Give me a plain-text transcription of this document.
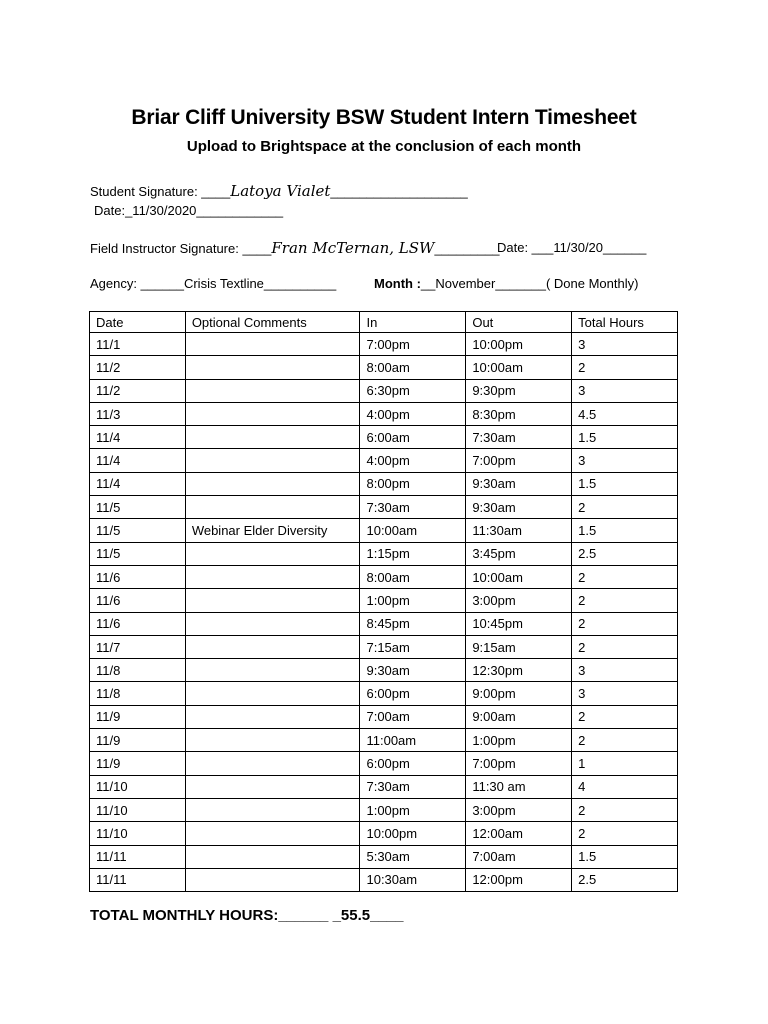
Briar Cliff University BSW Student Intern Timesheet
Upload to Brightspace at the conclusion of each month
Student Signature: ____Latoya Vialet___________________
Date:_11/30/2020____________
Field Instructor Signature: ____Fran McTernan, LSW_________
Date: ___11/30/20______
Agency: ______Crisis Textline__________	Month :__November_______( Done Monthly)
Date	Optional Comments	In	Out	Total Hours
11/1		7:00pm	10:00pm	3
11/2		8:00am	10:00am	2
11/2		6:30pm	9:30pm	3
11/3		4:00pm	8:30pm	4.5
11/4		6:00am	7:30am	1.5
11/4		4:00pm	7:00pm	3
11/4		8:00pm	9:30am	1.5
11/5		7:30am	9:30am	2
11/5	Webinar Elder Diversity	10:00am	11:30am	1.5
11/5		1:15pm	3:45pm	2.5
11/6		8:00am	10:00am	2
11/6		1:00pm	3:00pm	2
11/6		8:45pm	10:45pm	2
11/7		7:15am	9:15am	2
11/8		9:30am	12:30pm	3
11/8		6:00pm	9:00pm	3
11/9		7:00am	9:00am	2
11/9		11:00am	1:00pm	2
11/9		6:00pm	7:00pm	1
11/10		7:30am	11:30 am	4
11/10		1:00pm	3:00pm	2
11/10		10:00pm	12:00am	2
11/11		5:30am	7:00am	1.5
11/11		10:30am	12:00pm	2.5
TOTAL MONTHLY HOURS:______ _55.5____
